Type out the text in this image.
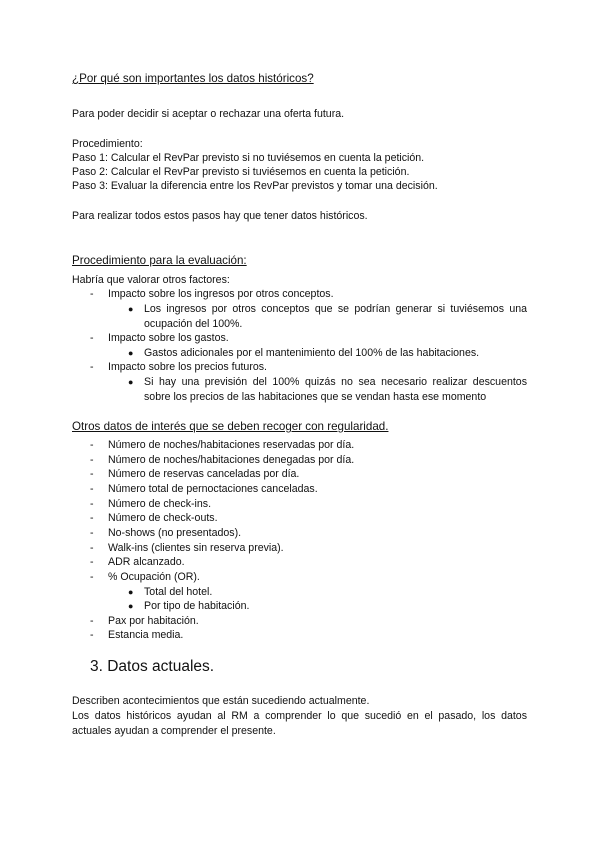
¿Por qué son importantes los datos históricos?
Para poder decidir si aceptar o rechazar una oferta futura.
Procedimiento:
Paso 1: Calcular el RevPar previsto si no tuviésemos en cuenta la petición.
Paso 2: Calcular el RevPar previsto si tuviésemos en cuenta la petición.
Paso 3: Evaluar la diferencia entre los RevPar previstos y tomar una decisión.
Para realizar todos estos pasos hay que tener datos históricos.
Procedimiento para la evaluación:
Habría que valorar otros factores:
- Impacto sobre los ingresos por otros conceptos.
● Los ingresos por otros conceptos que se podrían generar si tuviésemos una ocupación del 100%.
- Impacto sobre los gastos.
● Gastos adicionales por el mantenimiento del 100% de las habitaciones.
- Impacto sobre los precios futuros.
● Si hay una previsión del 100% quizás no sea necesario realizar descuentos sobre los precios de las habitaciones que se vendan hasta ese momento
Otros datos de interés que se deben recoger con regularidad.
- Número de noches/habitaciones reservadas por día.
- Número de noches/habitaciones denegadas por día.
- Número de reservas canceladas por día.
- Número total de pernoctaciones canceladas.
- Número de check-ins.
- Número de check-outs.
- No-shows (no presentados).
- Walk-ins (clientes sin reserva previa).
- ADR alcanzado.
- % Ocupación (OR).
● Total del hotel.
● Por tipo de habitación.
- Pax por habitación.
- Estancia media.
3. Datos actuales.
Describen acontecimientos que están sucediendo actualmente.
Los datos históricos ayudan al RM a comprender lo que sucedió en el pasado, los datos actuales ayudan a comprender el presente.
